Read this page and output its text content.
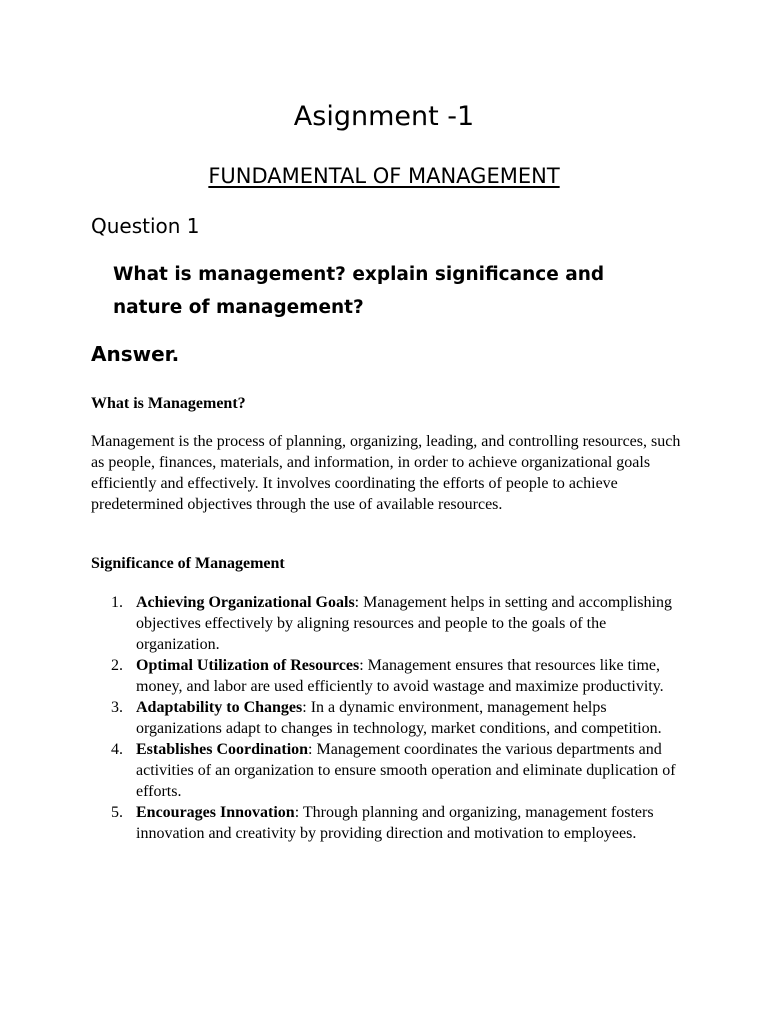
Asignment -1
FUNDAMENTAL OF MANAGEMENT
Question 1

What is management? explain significance and nature of management?

Answer.
What is Management?

Management is the process of planning, organizing, leading, and controlling resources, such as people, finances, materials, and information, in order to achieve organizational goals efficiently and effectively. It involves coordinating the efforts of people to achieve predetermined objectives through the use of available resources.

Significance of Management
1. Achieving Organizational Goals: Management helps in setting and accomplishing objectives effectively by aligning resources and people to the goals of the organization.
2. Optimal Utilization of Resources: Management ensures that resources like time, money, and labor are used efficiently to avoid wastage and maximize productivity.
3. Adaptability to Changes: In a dynamic environment, management helps organizations adapt to changes in technology, market conditions, and competition.
4. Establishes Coordination: Management coordinates the various departments and activities of an organization to ensure smooth operation and eliminate duplication of efforts.
5. Encourages Innovation: Through planning and organizing, management fosters innovation and creativity by providing direction and motivation to employees.
